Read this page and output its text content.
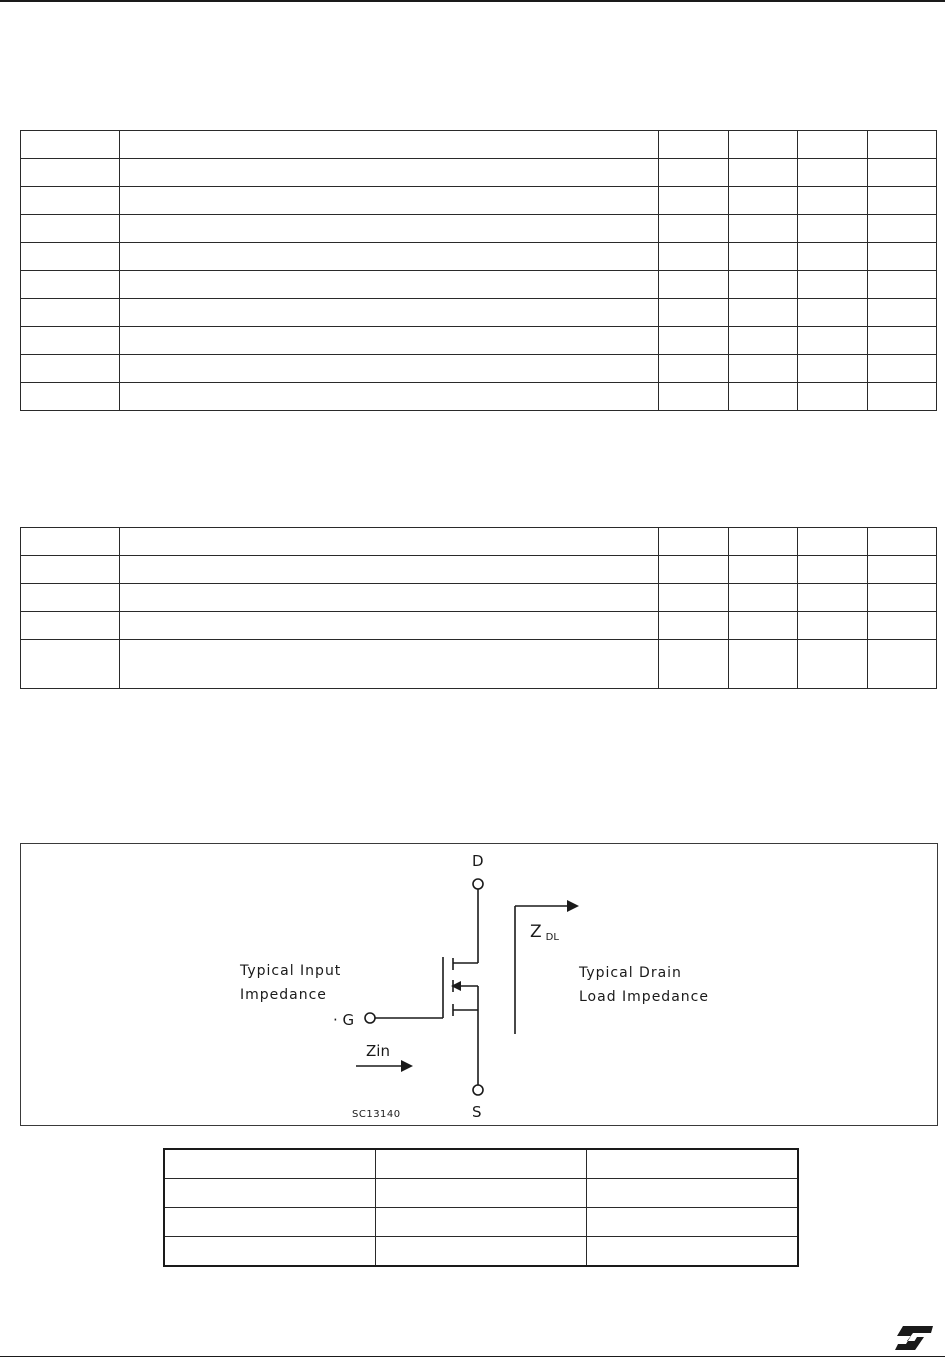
D
S
· G
ZDL
Typical Input
Impedance
Typical Drain
Load Impedance
Zin
SC13140
